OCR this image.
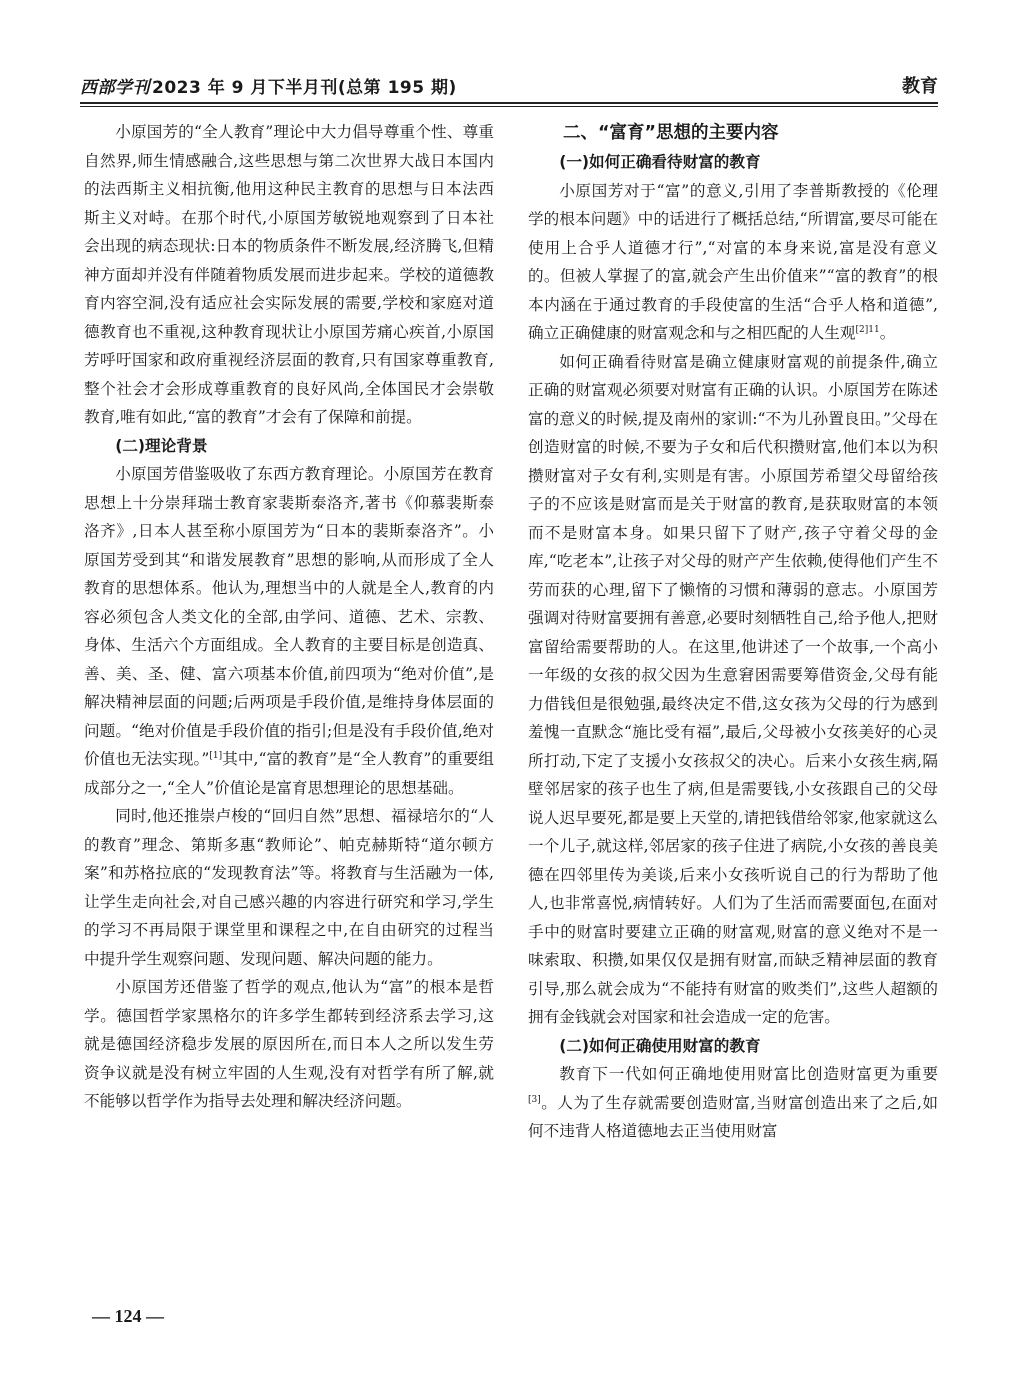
西部学刊 2023 年 9 月下半月刊(总第 195 期)	教育

小原国芳的“全人教育”理论中大力倡导尊重个性、尊重自然界,师生情感融合,这些思想与第二次世界大战日本国内的法西斯主义相抗衡,他用这种民主教育的思想与日本法西斯主义对峙。在那个时代,小原国芳敏锐地观察到了日本社会出现的病态现状:日本的物质条件不断发展,经济腾飞,但精神方面却并没有伴随着物质发展而进步起来。学校的道德教育内容空洞,没有适应社会实际发展的需要,学校和家庭对道德教育也不重视,这种教育现状让小原国芳痛心疾首,小原国芳呼吁国家和政府重视经济层面的教育,只有国家尊重教育,整个社会才会形成尊重教育的良好风尚,全体国民才会崇敬教育,唯有如此,“富的教育”才会有了保障和前提。

(二)理论背景

小原国芳借鉴吸收了东西方教育理论。小原国芳在教育思想上十分崇拜瑞士教育家裴斯泰洛齐,著书《仰慕裴斯泰洛齐》,日本人甚至称小原国芳为“日本的裴斯泰洛齐”。小原国芳受到其“和谐发展教育”思想的影响,从而形成了全人教育的思想体系。他认为,理想当中的人就是全人,教育的内容必须包含人类文化的全部,由学问、道德、艺术、宗教、身体、生活六个方面组成。全人教育的主要目标是创造真、善、美、圣、健、富六项基本价值,前四项为“绝对价值”,是解决精神层面的问题;后两项是手段价值,是维持身体层面的问题。“绝对价值是手段价值的指引;但是没有手段价值,绝对价值也无法实现。”[1]其中,“富的教育”是“全人教育”的重要组成部分之一,“全人”价值论是富育思想理论的思想基础。

同时,他还推崇卢梭的“回归自然”思想、福禄培尔的“人的教育”理念、第斯多惠“教师论”、帕克赫斯特“道尔顿方案”和苏格拉底的“发现教育法”等。将教育与生活融为一体,让学生走向社会,对自己感兴趣的内容进行研究和学习,学生的学习不再局限于课堂里和课程之中,在自由研究的过程当中提升学生观察问题、发现问题、解决问题的能力。

小原国芳还借鉴了哲学的观点,他认为“富”的根本是哲学。德国哲学家黑格尔的许多学生都转到经济系去学习,这就是德国经济稳步发展的原因所在,而日本人之所以发生劳资争议就是没有树立牢固的人生观,没有对哲学有所了解,就不能够以哲学作为指导去处理和解决经济问题。

二、“富育”思想的主要内容
(一)如何正确看待财富的教育

小原国芳对于“富”的意义,引用了李普斯教授的《伦理学的根本问题》中的话进行了概括总结,“所谓富,要尽可能在使用上合乎人道德才行”,“对富的本身来说,富是没有意义的。但被人掌握了的富,就会产生出价值来”“富的教育”的根本内涵在于通过教育的手段使富的生活“合乎人格和道德”,确立正确健康的财富观念和与之相匹配的人生观$^{[2]11}$。

如何正确看待财富是确立健康财富观的前提条件,确立正确的财富观必须要对财富有正确的认识。小原国芳在陈述富的意义的时候,提及南州的家训:“不为儿孙置良田。”父母在创造财富的时候,不要为子女和后代积攒财富,他们本以为积攒财富对子女有利,实则是有害。小原国芳希望父母留给孩子的不应该是财富而是关于财富的教育,是获取财富的本领而不是财富本身。如果只留下了财产,孩子守着父母的金库,“吃老本”,让孩子对父母的财产产生依赖,使得他们产生不劳而获的心理,留下了懒惰的习惯和薄弱的意志。小原国芳强调对待财富要拥有善意,必要时刻牺牲自己,给予他人,把财富留给需要帮助的人。在这里,他讲述了一个故事,一个高小一年级的女孩的叔父因为生意窘困需要筹借资金,父母有能力借钱但是很勉强,最终决定不借,这女孩为父母的行为感到羞愧一直默念“施比受有福”,最后,父母被小女孩美好的心灵所打动,下定了支援小女孩叔父的决心。后来小女孩生病,隔壁邻居家的孩子也生了病,但是需要钱,小女孩跟自己的父母说人迟早要死,都是要上天堂的,请把钱借给邻家,他家就这么一个儿子,就这样,邻居家的孩子住进了病院,小女孩的善良美德在四邻里传为美谈,后来小女孩听说自己的行为帮助了他人,也非常喜悦,病情转好。人们为了生活而需要面包,在面对手中的财富时要建立正确的财富观,财富的意义绝对不是一味索取、积攒,如果仅仅是拥有财富,而缺乏精神层面的教育引导,那么就会成为“不能持有财富的败类们”,这些人超额的拥有金钱就会对国家和社会造成一定的危害。

(二)如何正确使用财富的教育

教育下一代如何正确地使用财富比创造财富更为重要[3]。人为了生存就需要创造财富,当财富创造出来了之后,如何不违背人格道德地去正当使用财富

— 124 —
